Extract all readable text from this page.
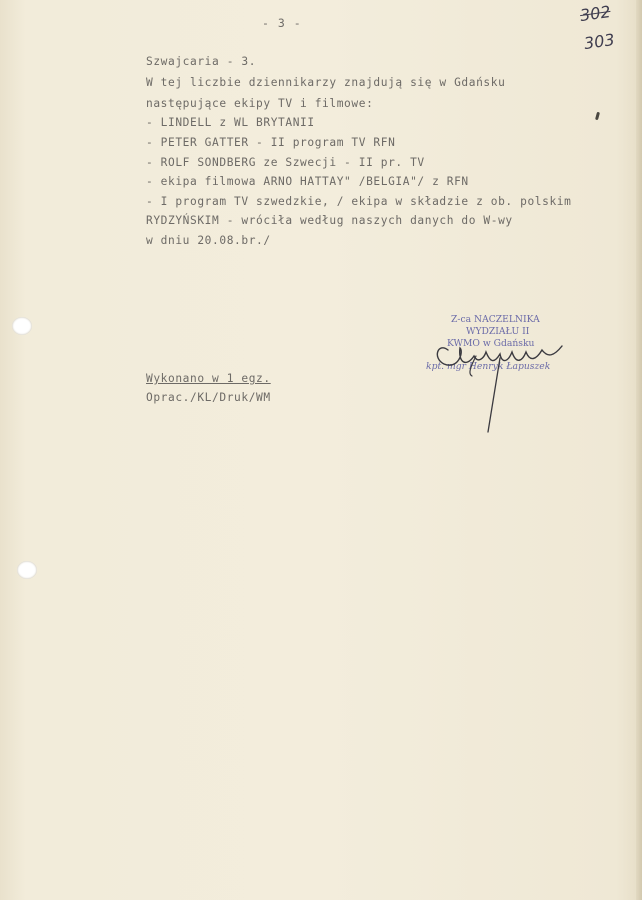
302
303
- 3 -
Szwajcaria - 3.
W tej liczbie dziennikarzy znajdują się w Gdańsku
następujące ekipy TV i filmowe:
- LINDELL z WL BRYTANII
- PETER GATTER - II program TV RFN
- ROLF SONDBERG ze Szwecji - II pr. TV
- ekipa filmowa ARNO HATTAY" /BELGIA"/ z RFN
- I program TV szwedzkie, / ekipa w składzie z ob. polskim
RYDZYŃSKIM - wróciła według naszych danych do W-wy
w dniu 20.08.br./
Wykonano w 1 egz.
Oprac./KL/Druk/WM
Z-ca NACZELNIKA
WYDZIAŁU II
KWMO w Gdańsku
kpt. mgr Henryk Łapuszek
